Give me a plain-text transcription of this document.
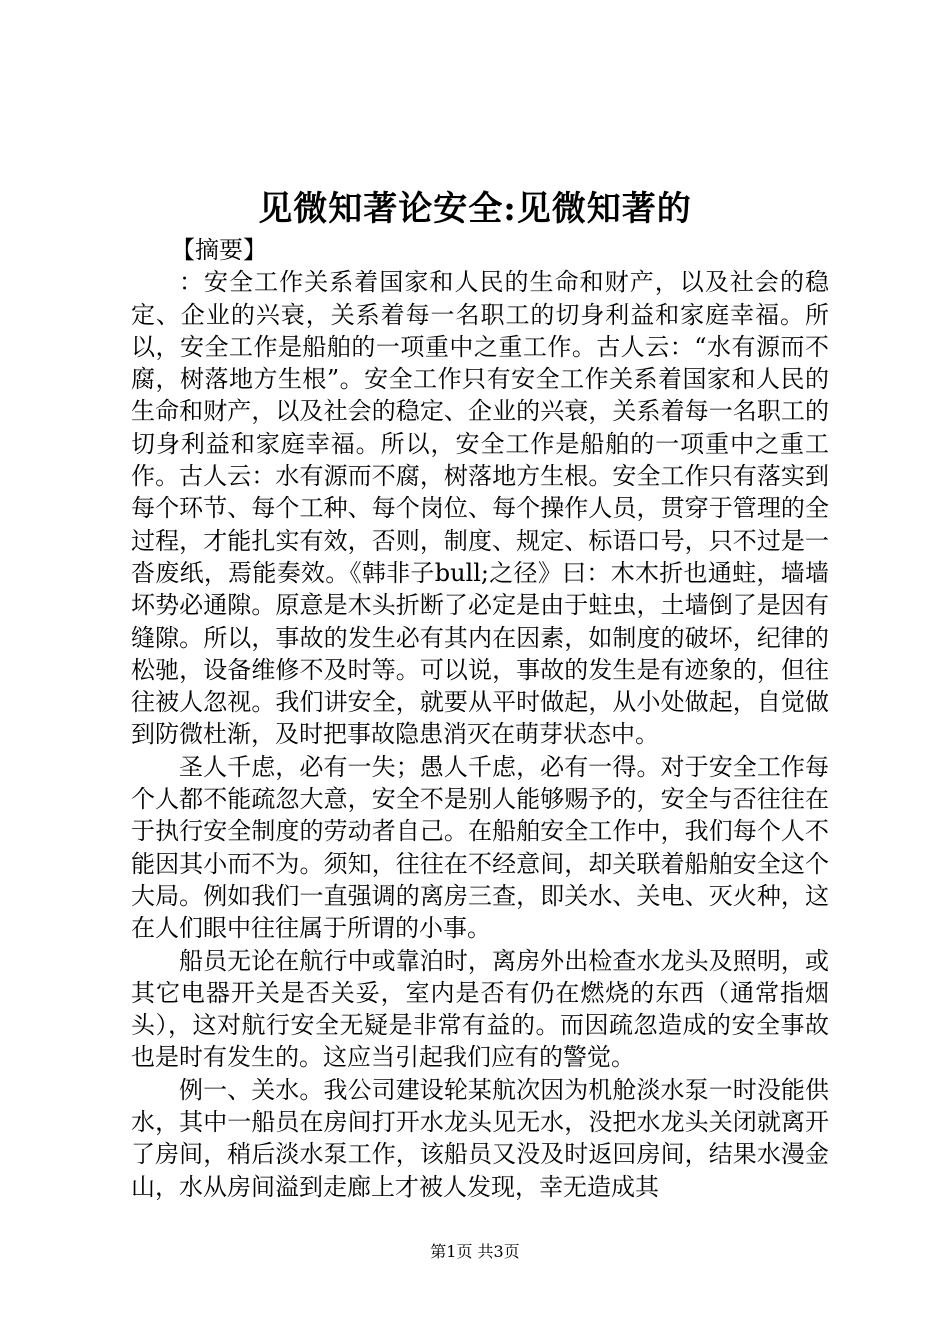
见微知著论安全:见微知著的

【摘要】

：安全工作关系着国家和人民的生命和财产，以及社会的稳定、企业的兴衰，关系着每一名职工的切身利益和家庭幸福。所以，安全工作是船舶的一项重中之重工作。古人云：“水有源而不腐，树落地方生根”。安全工作只有安全工作关系着国家和人民的生命和财产，以及社会的稳定、企业的兴衰，关系着每一名职工的切身利益和家庭幸福。所以，安全工作是船舶的一项重中之重工作。古人云：水有源而不腐，树落地方生根。安全工作只有落实到每个环节、每个工种、每个岗位、每个操作人员，贯穿于管理的全过程，才能扎实有效，否则，制度、规定、标语口号，只不过是一沓废纸，焉能奏效。《韩非子bull;之径》曰：木木折也通蛀，墙墙坏势必通隙。原意是木头折断了必定是由于蛀虫，土墙倒了是因有缝隙。所以，事故的发生必有其内在因素，如制度的破坏，纪律的松驰，设备维修不及时等。可以说，事故的发生是有迹象的，但往往被人忽视。我们讲安全，就要从平时做起，从小处做起，自觉做到防微杜渐，及时把事故隐患消灭在萌芽状态中。

圣人千虑，必有一失；愚人千虑，必有一得。对于安全工作每个人都不能疏忽大意，安全不是别人能够赐予的，安全与否往往在于执行安全制度的劳动者自己。在船舶安全工作中，我们每个人不能因其小而不为。须知，往往在不经意间，却关联着船舶安全这个大局。例如我们一直强调的离房三查，即关水、关电、灭火种，这在人们眼中往往属于所谓的小事。

船员无论在航行中或靠泊时，离房外出检查水龙头及照明，或其它电器开关是否关妥，室内是否有仍在燃烧的东西（通常指烟头），这对航行安全无疑是非常有益的。而因疏忽造成的安全事故也是时有发生的。这应当引起我们应有的警觉。

例一、关水。我公司建设轮某航次因为机舱淡水泵一时没能供水，其中一船员在房间打开水龙头见无水，没把水龙头关闭就离开了房间，稍后淡水泵工作，该船员又没及时返回房间，结果水漫金山，水从房间溢到走廊上才被人发现，幸无造成其

第1页 共3页
